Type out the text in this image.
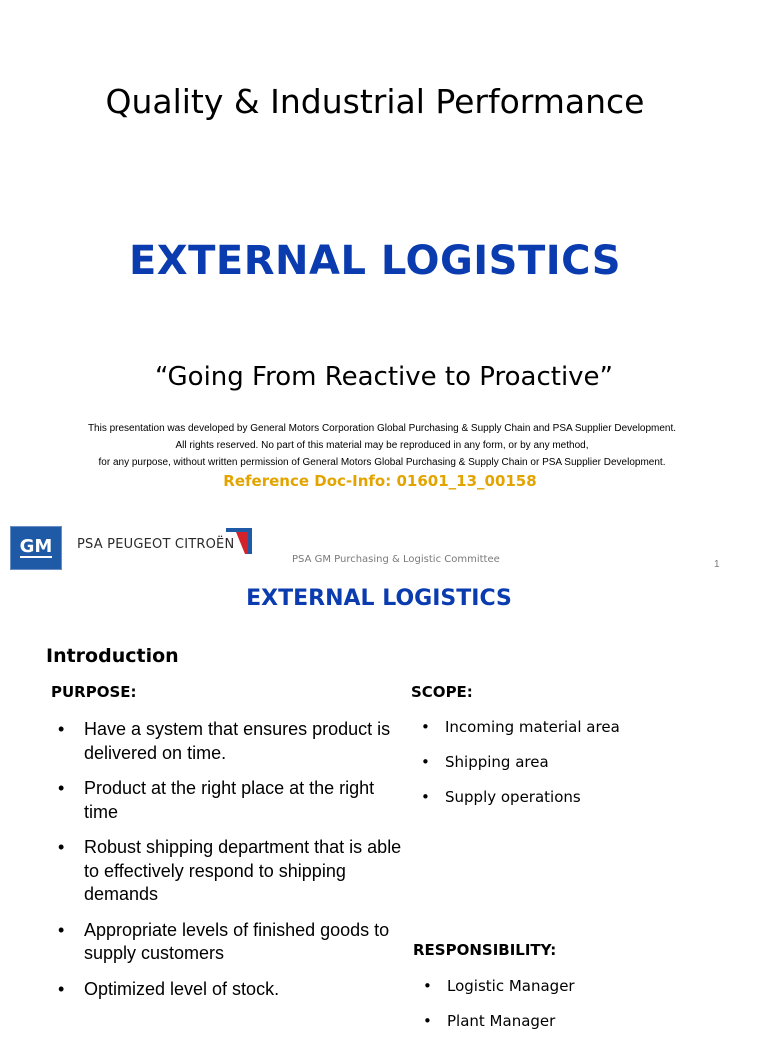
Quality & Industrial Performance
EXTERNAL LOGISTICS
“Going From Reactive to Proactive”
This presentation was developed by General Motors Corporation Global Purchasing & Supply Chain and PSA Supplier Development.
All rights reserved. No part of this material may be reproduced in any form, or by any method,
for any purpose, without written permission of General Motors Global Purchasing & Supply Chain or PSA Supplier Development.
Reference Doc-Info: 01601_13_00158
GM PSA PEUGEOT CITROËN
PSA GM Purchasing & Logistic Committee	1
EXTERNAL LOGISTICS
Introduction
PURPOSE:
• Have a system that ensures product is delivered on time.
• Product at the right place at the right time
• Robust shipping department that is able to effectively respond to shipping demands
• Appropriate levels of finished goods to supply customers
• Optimized level of stock.
SCOPE:
• Incoming material area
• Shipping area
• Supply operations
RESPONSIBILITY:
• Logistic Manager
• Plant Manager
